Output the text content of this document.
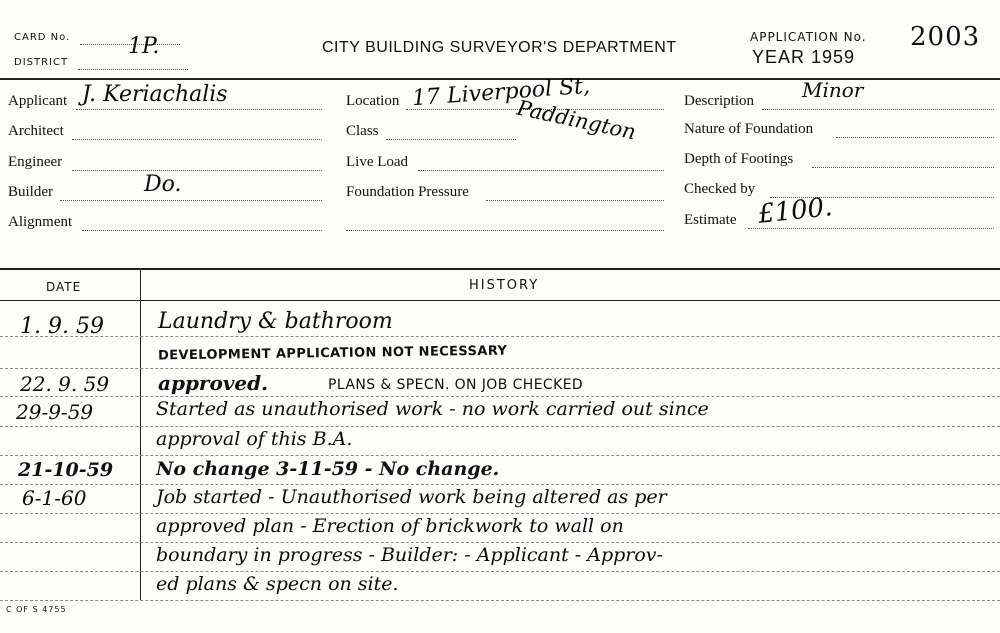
CARD No.
DISTRICT
1P.	CITY BUILDING SURVEYOR'S DEPARTMENT
APPLICATION No. 2003
YEAR 1959
Applicant J. Keriachalis
Architect
Engineer
Builder	Do.
Alignment
Location 17 Liverpool St,
Paddington
Class
Live Load
Foundation Pressure
Description Minor
Nature of Foundation
Depth of Footings
Checked by
Estimate £100.
DATE	HISTORY
1. 9. 59 Laundry & bathroom
DEVELOPMENT APPLICATION NOT NECESSARY
22. 9. 59 approved.	PLANS & SPECN. ON JOB CHECKED
29-9-59	Started as unauthorised work - no work carried out since
approval of this B.A.
21-10-59 No change 3-11-59 - No change.
6-1-60	Job started - Unauthorised work being altered as per
approved plan - Erection of brickwork to wall on
boundary in progress - Builder: - Applicant - Approv-
ed plans & specn on site.
C OF S 4755
